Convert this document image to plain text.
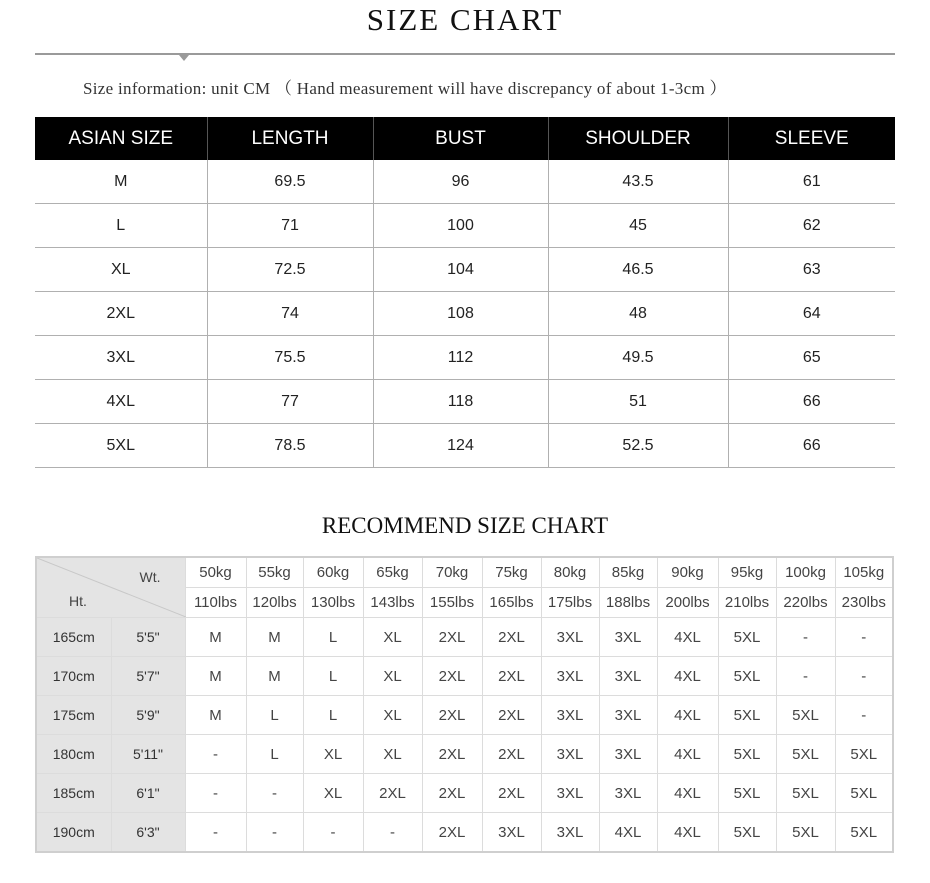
SIZE CHART
Size information: unit CM （ Hand measurement will have discrepancy of about 1-3cm ）
ASIAN SIZE	LENGTH	BUST	SHOULDER	SLEEVE
M	69.5	96	43.5	61
L	71	100	45	62
XL	72.5	104	46.5	63
2XL	74	108	48	64
3XL	75.5	112	49.5	65
4XL	77	118	51	66
5XL	78.5	124	52.5	66
RECOMMEND SIZE CHART
Wt.
Ht.		50kg	55kg	60kg	65kg	70kg	75kg	80kg	85kg	90kg	95kg	100kg	105kg
		110lbs	120lbs	130lbs	143lbs	155lbs	165lbs	175lbs	188lbs	200lbs	210lbs	220lbs	230lbs
165cm	5'5"	M	M	L	XL	2XL	2XL	3XL	3XL	4XL	5XL	-	-
170cm	5'7"	M	M	L	XL	2XL	2XL	3XL	3XL	4XL	5XL	-	-
175cm	5'9"	M	L	L	XL	2XL	2XL	3XL	3XL	4XL	5XL	5XL	-
180cm	5'11"	-	L	XL	XL	2XL	2XL	3XL	3XL	4XL	5XL	5XL	5XL
185cm	6'1"	-	-	XL	2XL	2XL	2XL	3XL	3XL	4XL	5XL	5XL	5XL
190cm	6'3"	-	-	-	-	2XL	3XL	3XL	4XL	4XL	5XL	5XL	5XL
